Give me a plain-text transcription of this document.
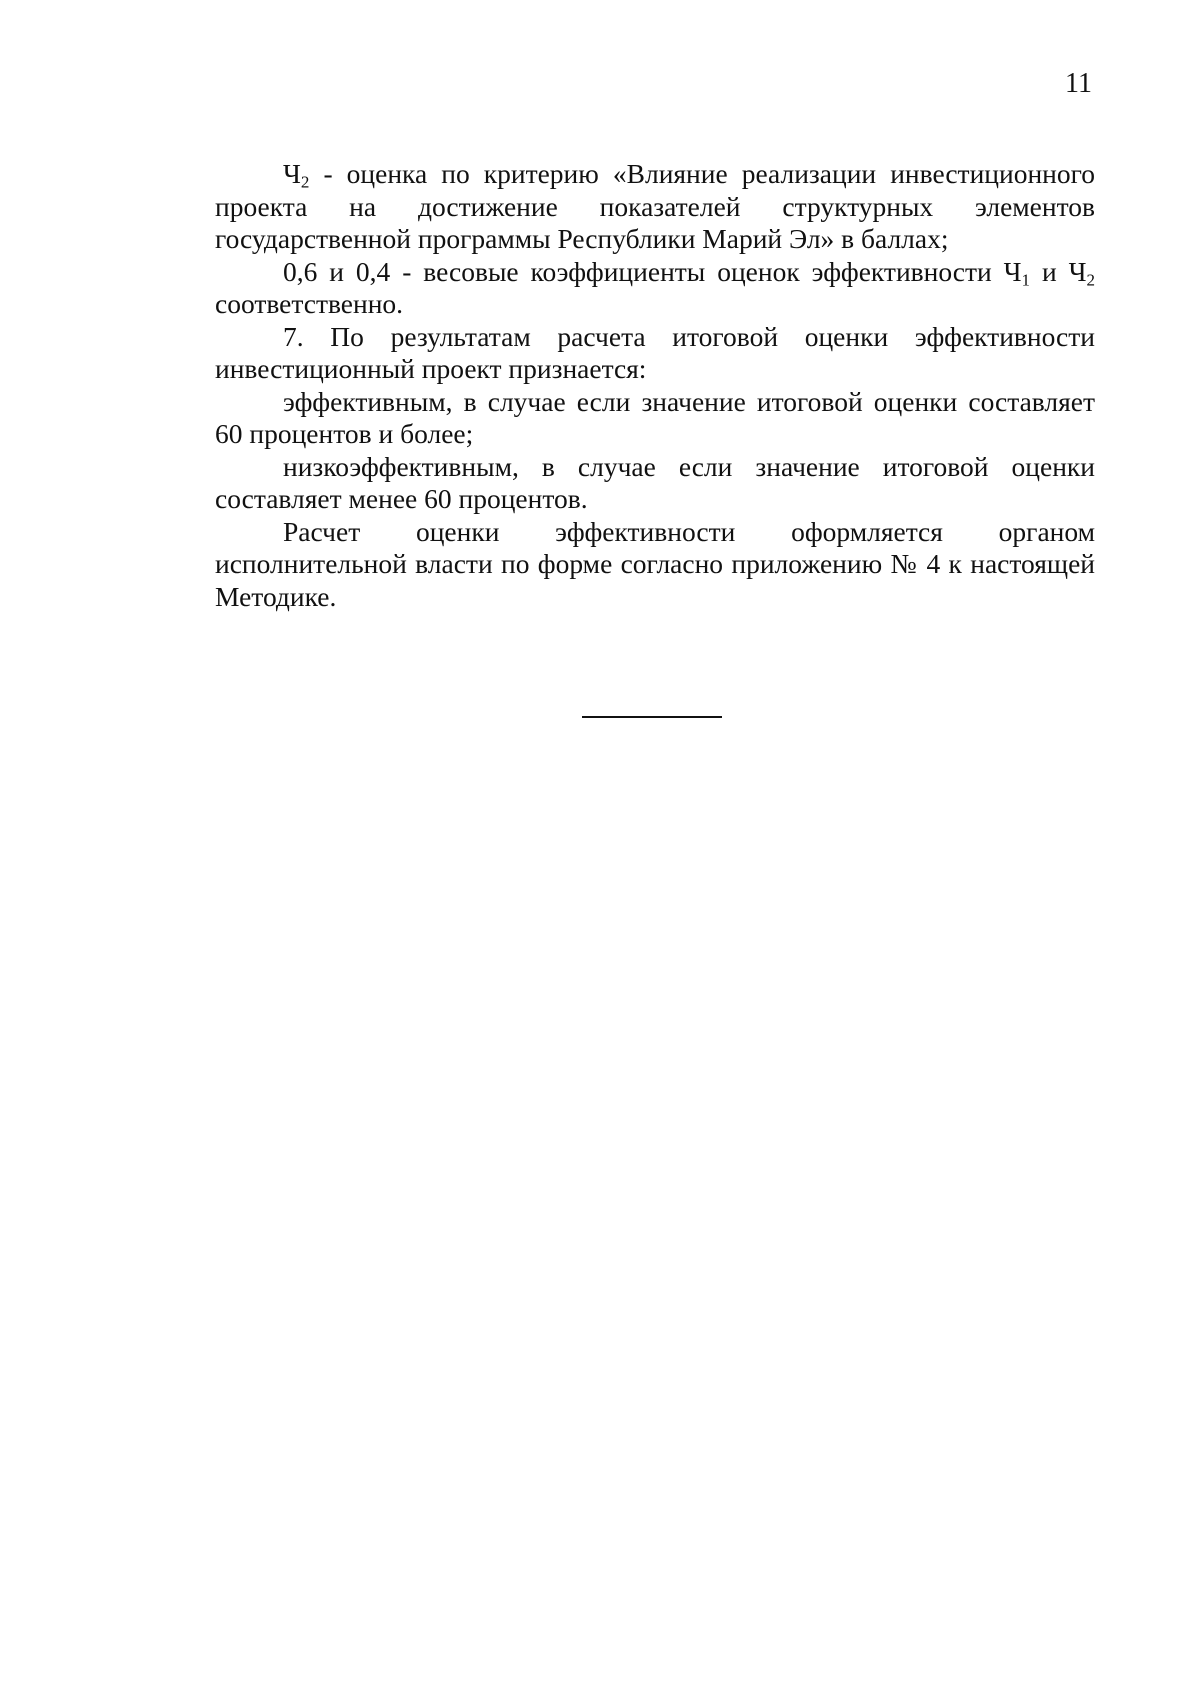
11

$Ч_2$ - оценка по критерию «Влияние реализации инвестиционного проекта на достижение показателей структурных элементов государственной программы Республики Марий Эл» в баллах;

0,6 и 0,4 - весовые коэффициенты оценок эффективности $Ч_1$ и $Ч_2$ соответственно.

7. По результатам расчета итоговой оценки эффективности инвестиционный проект признается:

эффективным, в случае если значение итоговой оценки составляет 60 процентов и более;

низкоэффективным, в случае если значение итоговой оценки составляет менее 60 процентов.

Расчет оценки эффективности оформляется органом исполнительной власти по форме согласно приложению № 4 к настоящей Методике.
